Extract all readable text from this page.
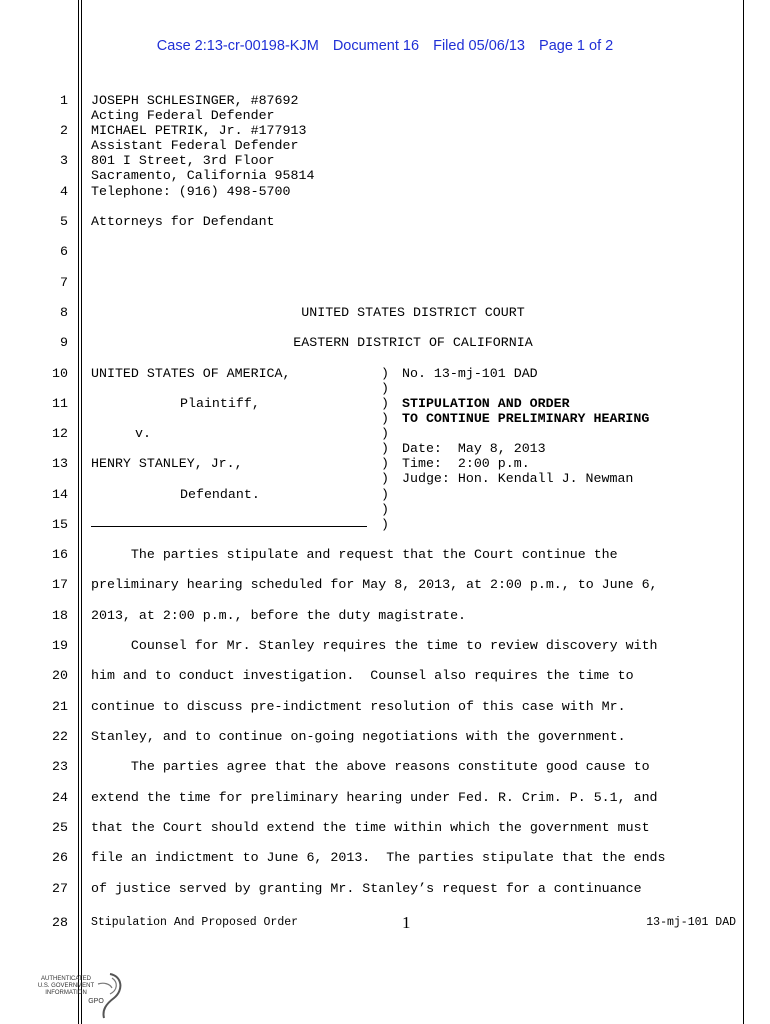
Case 2:13-cr-00198-KJM Document 16 Filed 05/06/13 Page 1 of 2
1
2
3
4
5
6
7
8
9
10
11
12
13
14
15
16
17
18
19
20
21
22
23
24
25
26
27
28
JOSEPH SCHLESINGER, #87692
Acting Federal Defender
MICHAEL PETRIK, Jr. #177913
Assistant Federal Defender
801 I Street, 3rd Floor
Sacramento, California 95814
Telephone: (916) 498-5700
Attorneys for Defendant
UNITED STATES DISTRICT COURT
EASTERN DISTRICT OF CALIFORNIA
UNITED STATES OF AMERICA,
Plaintiff,
v.
HENRY STANLEY, Jr.,
Defendant.
)
)
)
)
)
)
)
)
)
)
)
No. 13-mj-101 DAD
STIPULATION AND ORDER
TO CONTINUE PRELIMINARY HEARING
Date:  May 8, 2013
Time:  2:00 p.m.
Judge: Hon. Kendall J. Newman
The parties stipulate and request that the Court continue the
preliminary hearing scheduled for May 8, 2013, at 2:00 p.m., to June 6,
2013, at 2:00 p.m., before the duty magistrate.
Counsel for Mr. Stanley requires the time to review discovery with
him and to conduct investigation.  Counsel also requires the time to
continue to discuss pre-indictment resolution of this case with Mr.
Stanley, and to continue on-going negotiations with the government.
The parties agree that the above reasons constitute good cause to
extend the time for preliminary hearing under Fed. R. Crim. P. 5.1, and
that the Court should extend the time within which the government must
file an indictment to June 6, 2013.  The parties stipulate that the ends
of justice served by granting Mr. Stanley’s request for a continuance
Stipulation And Proposed Order	1	13-mj-101 DAD
AUTHENTICATED
U.S. GOVERNMENT
INFORMATION
GPO
